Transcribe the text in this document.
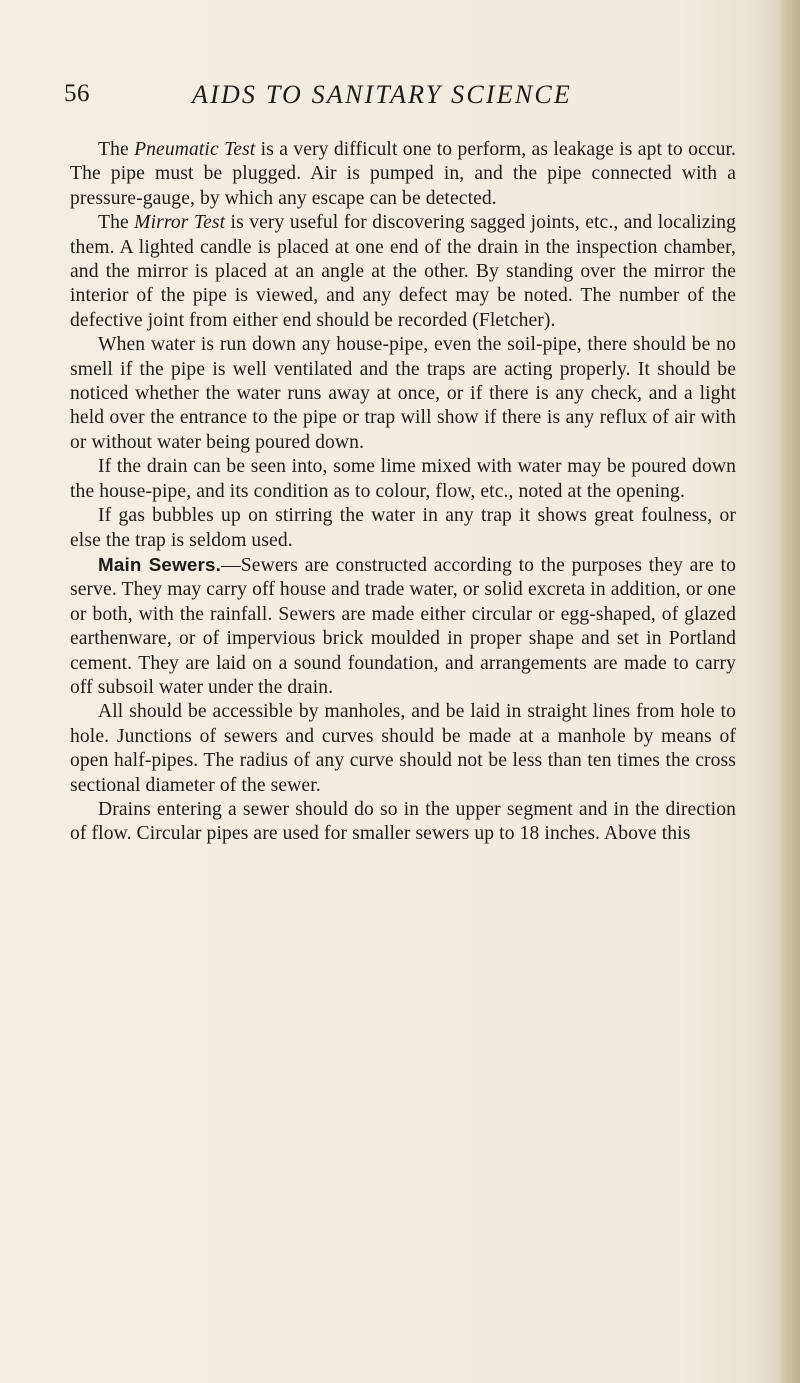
56	AIDS TO SANITARY SCIENCE

The Pneumatic Test is a very difficult one to perform, as leakage is apt to occur. The pipe must be plugged. Air is pumped in, and the pipe connected with a pressure-gauge, by which any escape can be detected.

The Mirror Test is very useful for discovering sagged joints, etc., and localizing them. A lighted candle is placed at one end of the drain in the inspection chamber, and the mirror is placed at an angle at the other. By standing over the mirror the interior of the pipe is viewed, and any defect may be noted. The number of the defective joint from either end should be recorded (Fletcher).

When water is run down any house-pipe, even the soil-pipe, there should be no smell if the pipe is well ventilated and the traps are acting properly. It should be noticed whether the water runs away at once, or if there is any check, and a light held over the entrance to the pipe or trap will show if there is any reflux of air with or without water being poured down.

If the drain can be seen into, some lime mixed with water may be poured down the house-pipe, and its condition as to colour, flow, etc., noted at the opening.

If gas bubbles up on stirring the water in any trap it shows great foulness, or else the trap is seldom used.

Main Sewers.—Sewers are constructed according to the purposes they are to serve. They may carry off house and trade water, or solid excreta in addition, or one or both, with the rainfall. Sewers are made either circular or egg-shaped, of glazed earthenware, or of impervious brick moulded in proper shape and set in Portland cement. They are laid on a sound foundation, and arrangements are made to carry off subsoil water under the drain.

All should be accessible by manholes, and be laid in straight lines from hole to hole. Junctions of sewers and curves should be made at a manhole by means of open half-pipes. The radius of any curve should not be less than ten times the cross sectional diameter of the sewer.

Drains entering a sewer should do so in the upper segment and in the direction of flow. Circular pipes are used for smaller sewers up to 18 inches. Above this
